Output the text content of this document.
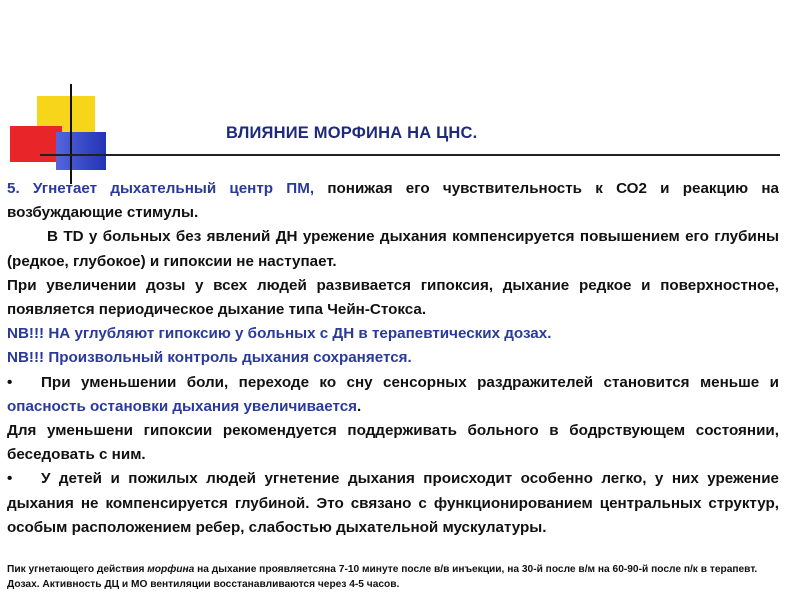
ВЛИЯНИЕ МОРФИНА НА ЦНС.

5. Угнетает дыхательный центр ПМ, понижая его чувствительность к СО2 и реакцию на возбуждающие стимулы.

В TD у больных без явлений ДН урежение дыхания компенсируется повышением его глубины (редкое, глубокое) и гипоксии не наступает.

При увеличении дозы у всех людей развивается гипоксия, дыхание редкое и поверхностное, появляется периодическое дыхание типа Чейн-Стокса.

NB!!! НА углубляют гипоксию у больных с ДН в терапевтических дозах.

NB!!! Произвольный контроль дыхания сохраняется.

• При уменьшении боли, переходе ко сну сенсорных раздражителей становится меньше и опасность остановки дыхания увеличивается.

Для уменьшени гипоксии рекомендуется поддерживать больного в бодрствующем состоянии, беседовать с ним.

• У детей и пожилых людей угнетение дыхания происходит особенно легко, у них урежение дыхания не компенсируется глубиной. Это связано с функционированием центральных структур, особым расположением ребер, слабостью дыхательной мускулатуры.

Пик угнетающего действия морфина на дыхание проявляетсяна 7-10 минуте после в/в инъекции, на 30-й после в/м на 60-90-й после п/к в терапевт. Дозах. Активность ДЦ и МО вентиляции восстанавливаются через 4-5 часов.
